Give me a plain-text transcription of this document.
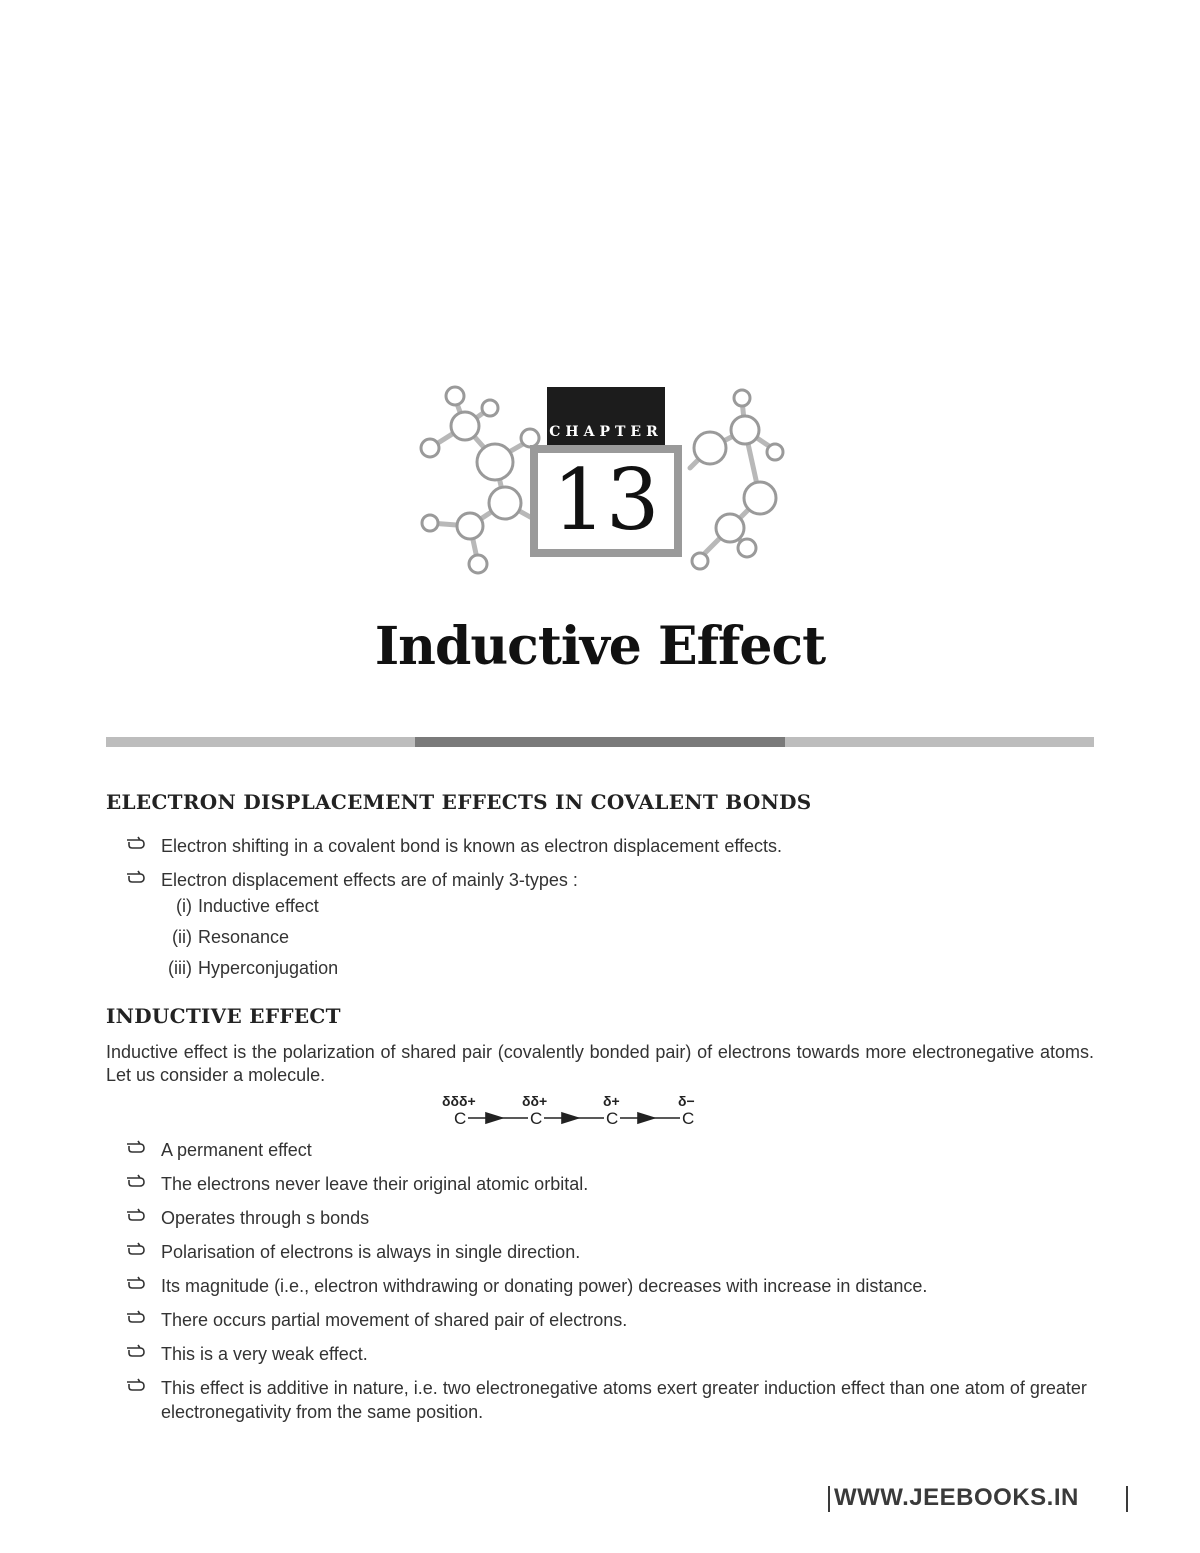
CHAPTER
13
Inductive Effect
ELECTRON DISPLACEMENT EFFECTS IN COVALENT BONDS
Electron shifting in a covalent bond is known as electron displacement effects.
Electron displacement effects are of mainly 3-types :
(i) Inductive effect
(ii) Resonance
(iii) Hyperconjugation
INDUCTIVE EFFECT
Inductive effect is the polarization of shared pair (covalently bonded pair) of electrons towards more electronegative atoms. Let us consider a molecule.
δδδ+	δδ+	δ+	δ−
C	C	C	C
A permanent effect
The electrons never leave their original atomic orbital.
Operates through s bonds
Polarisation of electrons is always in single direction.
Its magnitude (i.e., electron withdrawing or donating power) decreases with increase in distance.
There occurs partial movement of shared pair of electrons.
This is a very weak effect.
This effect is additive in nature, i.e. two electronegative atoms exert greater induction effect than one atom of greater electronegativity from the same position.
WWW.JEEBOOKS.IN
